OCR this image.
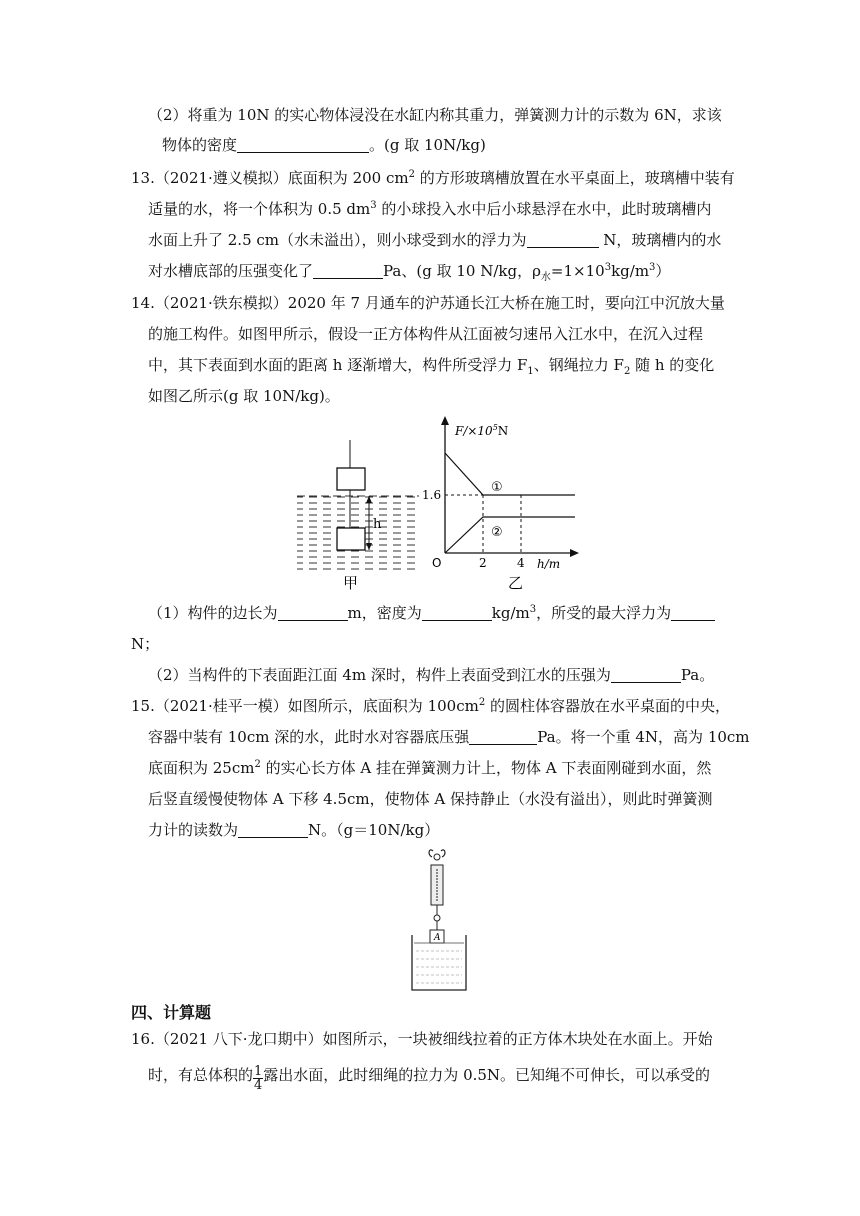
（2）将重为 10N 的实心物体浸没在水缸内称其重力，弹簧测力计的示数为 6N，求该
物体的密度	。(g 取 10N/kg)
13.（2021·遵义模拟）底面积为 200 $cm^2$ 的方形玻璃槽放置在水平桌面上，玻璃槽中装有
适量的水，将一个体积为 0.5 $dm^3$ 的小球投入水中后小球悬浮在水中，此时玻璃槽内
水面上升了 2.5 cm（水未溢出），则小球受到水的浮力为	N，玻璃槽内的水
对水槽底部的压强变化了	Pa、(g 取 10 N/kg，$\rho_水=1\times 10^3kg/m^3$）
14.（2021·铁东模拟）2020 年 7 月通车的沪苏通长江大桥在施工时，要向江中沉放大量
的施工构件。如图甲所示，假设一正方体构件从江面被匀速吊入江水中，在沉入过程
中，其下表面到水面的距离 h 逐渐增大，构件所受浮力 $F_1$、钢绳拉力 $F_2$ 随 h 的变化
如图乙所示(g 取 10N/kg)。
h
甲
$F/\times 10^5N$
1.6
2	4
O	h/m
①
②
乙
（1）构件的边长为	m，密度为	$kg/m^3$，所受的最大浮力为
N；
（2）当构件的下表面距江面 4m 深时，构件上表面受到江水的压强为	Pa。
15.（2021·桂平一模）如图所示，底面积为 $100cm^2$ 的圆柱体容器放在水平桌面的中央，
容器中装有 10cm 深的水，此时水对容器底压强	Pa。将一个重 4N，高为 10cm
底面积为 $25cm^2$ 的实心长方体 A 挂在弹簧测力计上，物体 A 下表面刚碰到水面，然
后竖直缓慢使物体 A 下移 4.5cm，使物体 A 保持静止（水没有溢出），则此时弹簧测
力计的读数为	N。（g＝10N/kg）
A
四、计算题
16.（2021 八下·龙口期中）如图所示，一块被细线拉着的正方体木块处在水面上。开始
时，有总体积的 $\frac{1}{4}$ 露出水面，此时细绳的拉力为 0.5N。已知绳不可伸长，可以承受的
